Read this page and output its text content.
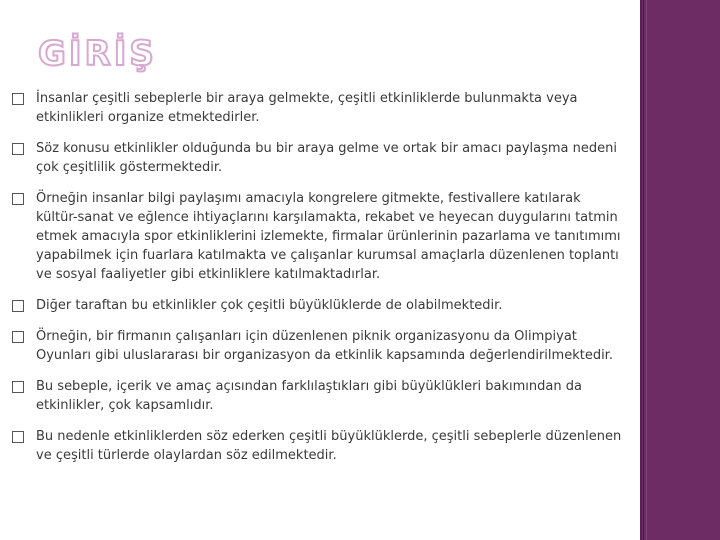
GİRİŞ
İnsanlar çeşitli sebeplerle bir araya gelmekte, çeşitli etkinliklerde bulunmakta veya etkinlikleri organize etmektedirler.
Söz konusu etkinlikler olduğunda bu bir araya gelme ve ortak bir amacı paylaşma nedeni çok çeşitlilik göstermektedir.
Örneğin insanlar bilgi paylaşımı amacıyla kongrelere gitmekte, festivallere katılarak kültür-sanat ve eğlence ihtiyaçlarını karşılamakta, rekabet ve heyecan duygularını tatmin etmek amacıyla spor etkinliklerini izlemekte, firmalar ürünlerinin pazarlama ve tanıtımımı yapabilmek için fuarlara katılmakta ve çalışanlar kurumsal amaçlarla düzenlenen toplantı ve sosyal faaliyetler gibi etkinliklere katılmaktadırlar.
Diğer taraftan bu etkinlikler çok çeşitli büyüklüklerde de olabilmektedir.
Örneğin, bir firmanın çalışanları için düzenlenen piknik organizasyonu da Olimpiyat Oyunları gibi uluslararası bir organizasyon da etkinlik kapsamında değerlendirilmektedir.
Bu sebeple, içerik ve amaç açısından farklılaştıkları gibi büyüklükleri bakımından da etkinlikler, çok kapsamlıdır.
Bu nedenle etkinliklerden söz ederken çeşitli büyüklüklerde, çeşitli sebeplerle düzenlenen ve çeşitli türlerde olaylardan söz edilmektedir.
